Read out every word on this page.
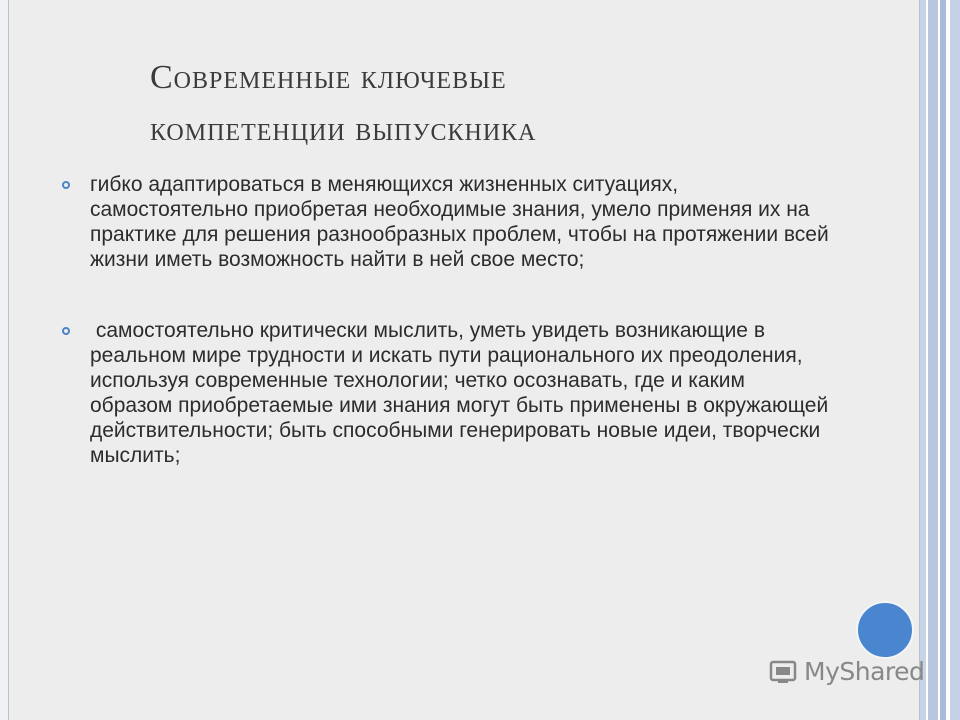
Современные ключевые
компетенции выпускника
гибко адаптироваться в меняющихся жизненных ситуациях, самостоятельно приобретая необходимые знания, умело применяя их на практике для решения разнообразных проблем, чтобы на протяжении всей жизни иметь возможность найти в ней свое место;
самостоятельно критически мыслить, уметь увидеть возникающие в реальном мире трудности и искать пути рационального их преодоления, используя современные технологии; четко осознавать, где и каким образом приобретаемые ими знания могут быть применены в окружающей действительности; быть способными генерировать новые идеи, творчески мыслить;
MyShared
